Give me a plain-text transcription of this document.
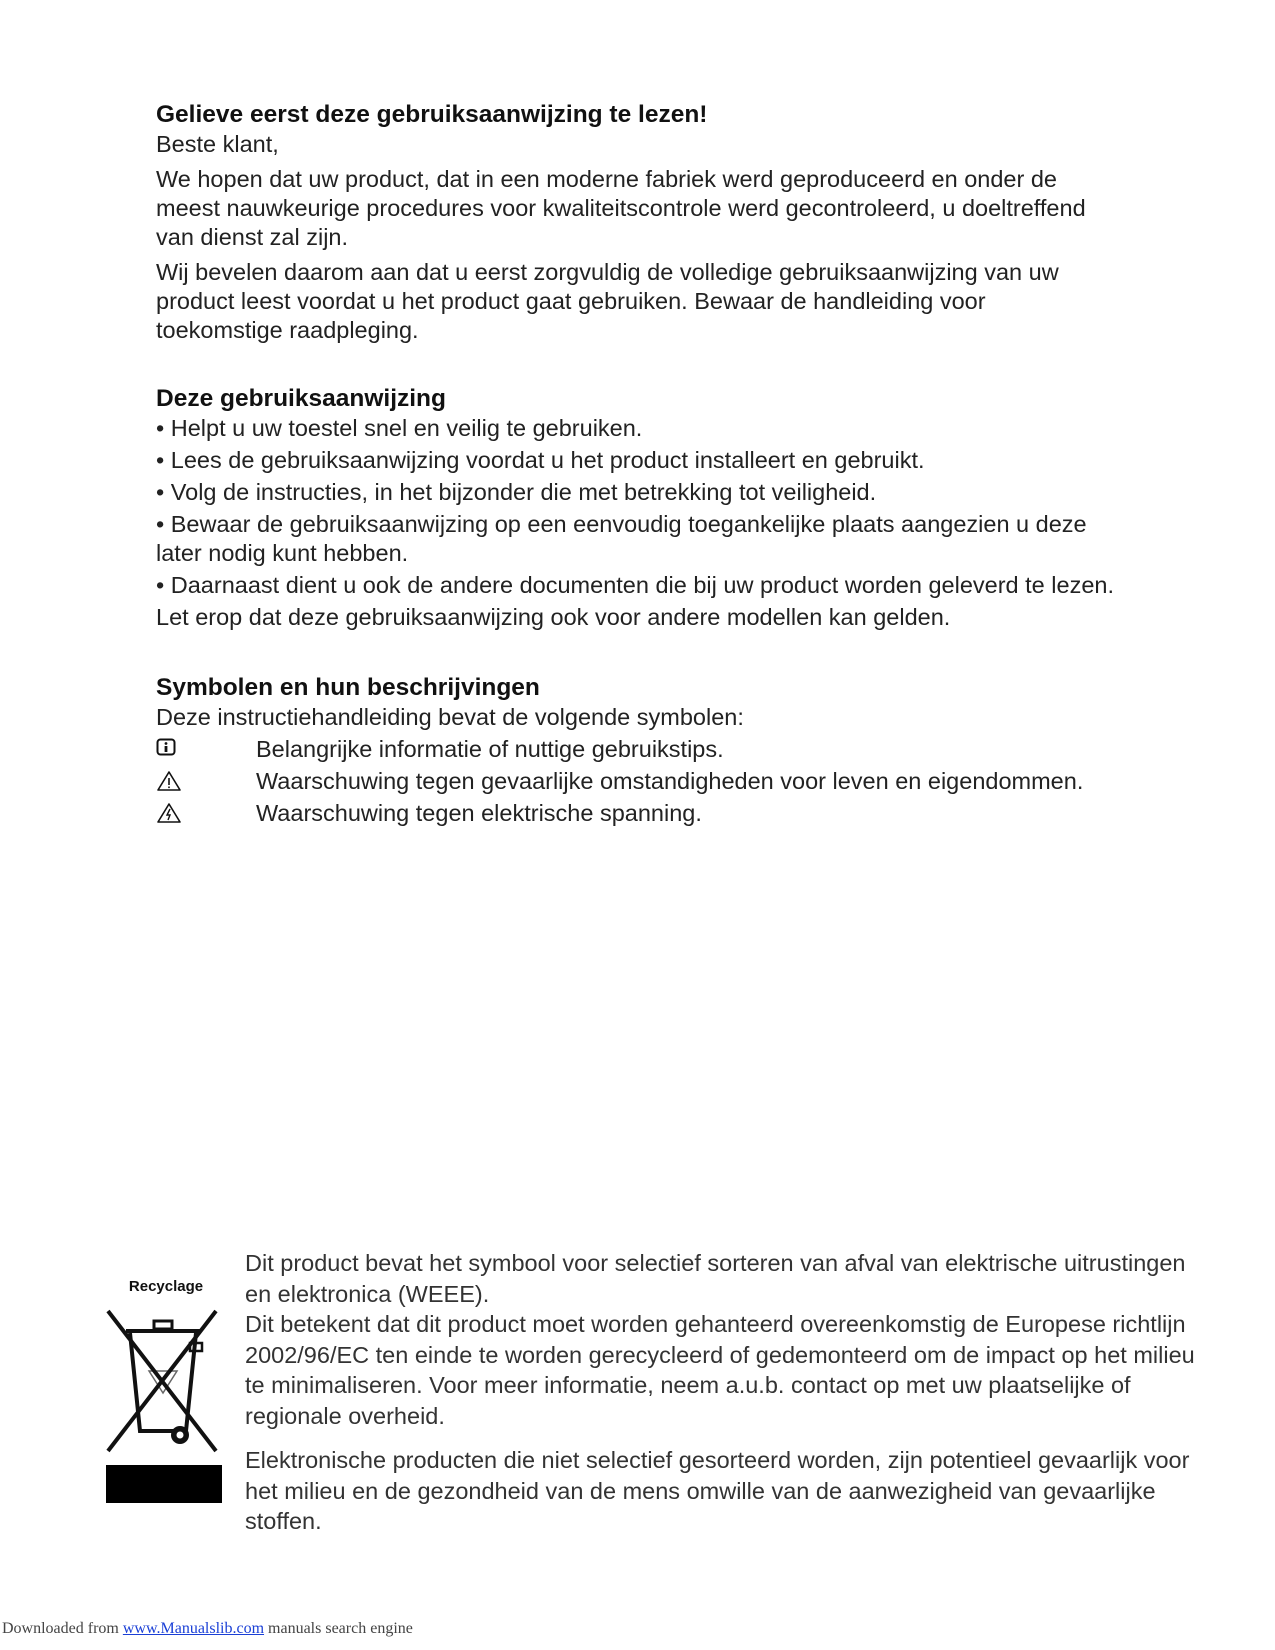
Gelieve eerst deze gebruiksaanwijzing te lezen!

Beste klant,

We hopen dat uw product, dat in een moderne fabriek werd geproduceerd en onder de meest nauwkeurige procedures voor kwaliteitscontrole werd gecontroleerd, u doeltreffend van dienst zal zijn.

Wij bevelen daarom aan dat u eerst zorgvuldig de volledige gebruiksaanwijzing van uw product leest voordat u het product gaat gebruiken. Bewaar de handleiding voor toekomstige raadpleging.

Deze gebruiksaanwijzing

• Helpt u uw toestel snel en veilig te gebruiken.

• Lees de gebruiksaanwijzing voordat u het product installeert en gebruikt.

• Volg de instructies, in het bijzonder die met betrekking tot veiligheid.

• Bewaar de gebruiksaanwijzing op een eenvoudig toegankelijke plaats aangezien u deze later nodig kunt hebben.

• Daarnaast dient u ook de andere documenten die bij uw product worden geleverd te lezen.

Let erop dat deze gebruiksaanwijzing ook voor andere modellen kan gelden.

Symbolen en hun beschrijvingen

Deze instructiehandleiding bevat de volgende symbolen:

Belangrijke informatie of nuttige gebruikstips.

Waarschuwing tegen gevaarlijke omstandigheden voor leven en eigendommen.

Waarschuwing tegen elektrische spanning.

Recyclage

Dit product bevat het symbool voor selectief sorteren van afval van elektrische uitrustingen en elektronica (WEEE).

Dit betekent dat dit product moet worden gehanteerd overeenkomstig de Europese richtlijn 2002/96/EC ten einde te worden gerecycleerd of gedemonteerd om de impact op het milieu te minimaliseren. Voor meer informatie, neem a.u.b. contact op met uw plaatselijke of regionale overheid.

Elektronische producten die niet selectief gesorteerd worden, zijn potentieel gevaarlijk voor het milieu en de gezondheid van de mens omwille van de aanwezigheid van gevaarlijke stoffen.

Downloaded from www.Manualslib.com manuals search engine
